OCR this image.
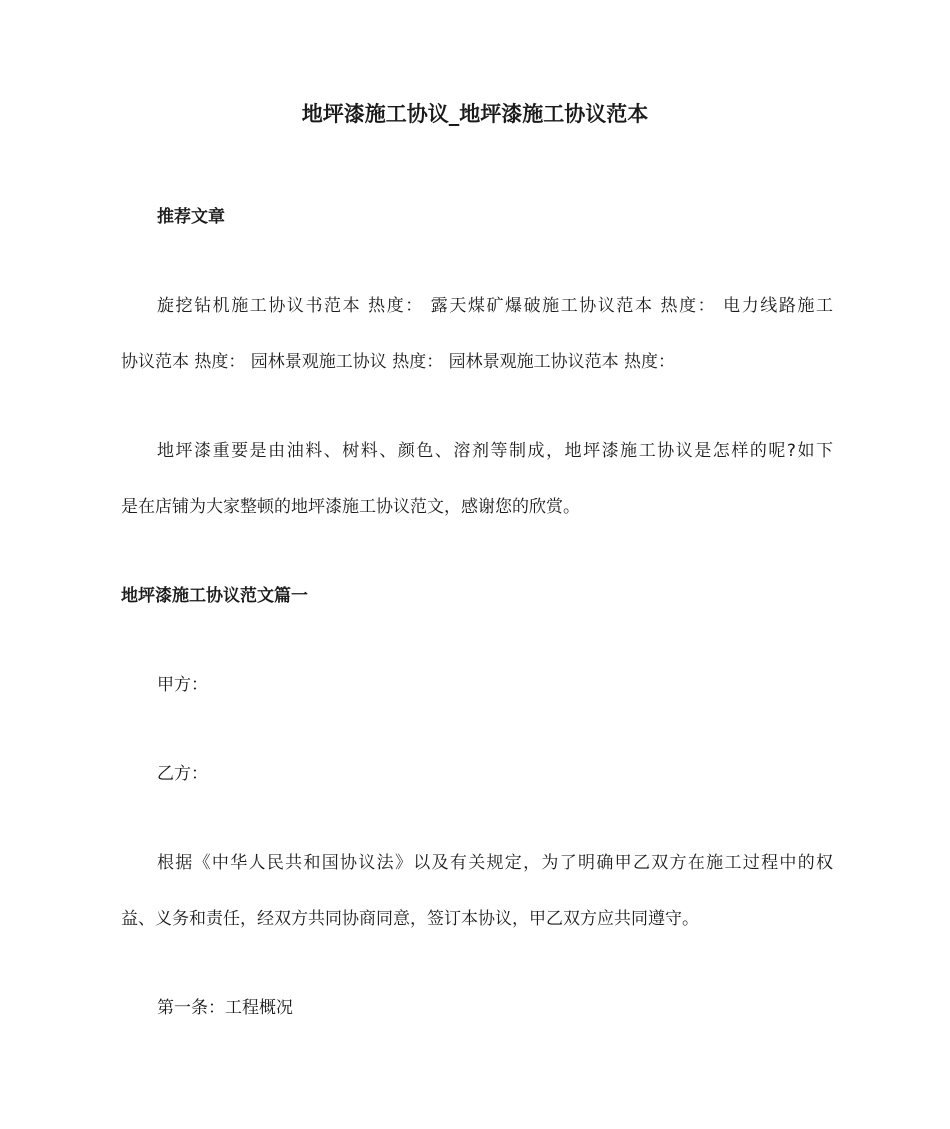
地坪漆施工协议_地坪漆施工协议范本

推荐文章

旋挖钻机施工协议书范本 热度： 露天煤矿爆破施工协议范本 热度： 电力线路施工

协议范本 热度： 园林景观施工协议 热度： 园林景观施工协议范本 热度：

地坪漆重要是由油料、树料、颜色、溶剂等制成，地坪漆施工协议是怎样的呢?如下

是在店铺为大家整顿的地坪漆施工协议范文，感谢您的欣赏。

地坪漆施工协议范文篇一

甲方：

乙方：

根据《中华人民共和国协议法》以及有关规定，为了明确甲乙双方在施工过程中的权

益、义务和责任，经双方共同协商同意，签订本协议，甲乙双方应共同遵守。

第一条：工程概况
